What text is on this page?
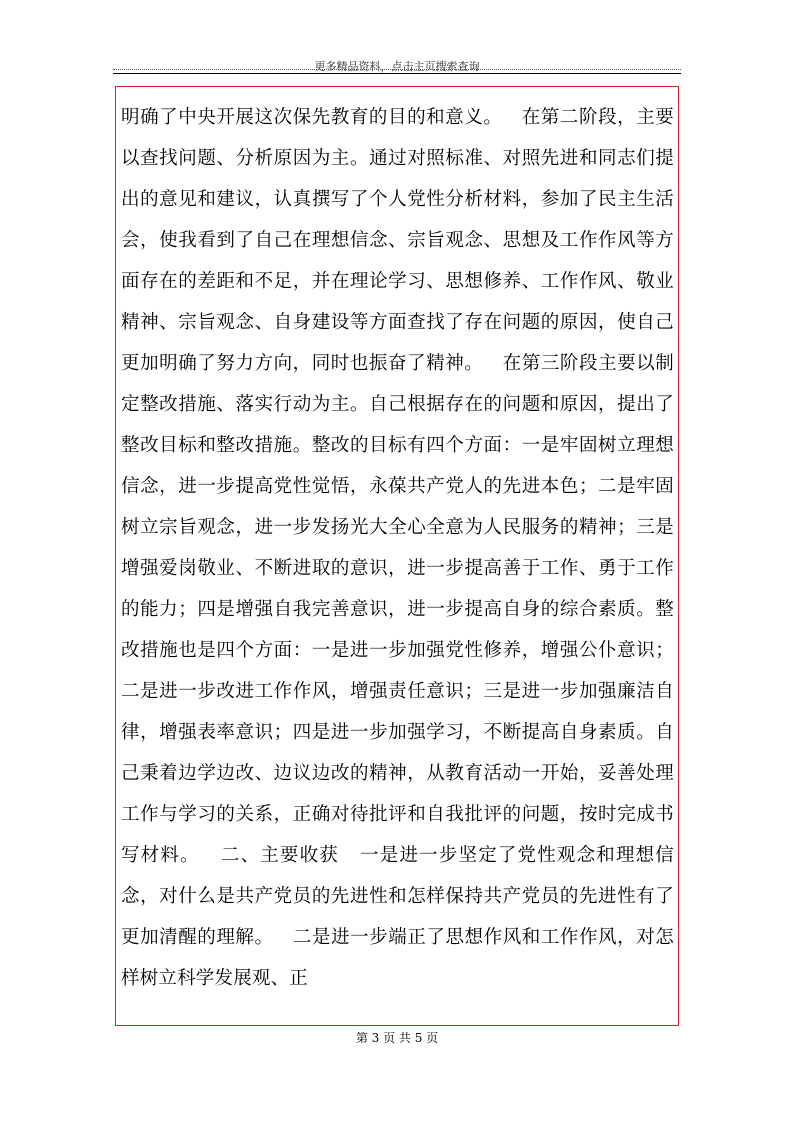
更多精品资料，点击主页搜索查询

明确了中央开展这次保先教育的目的和意义。   在第二阶段，主要以查找问题、分析原因为主。通过对照标准、对照先进和同志们提出的意见和建议，认真撰写了个人党性分析材料，参加了民主生活会，使我看到了自己在理想信念、宗旨观念、思想及工作作风等方面存在的差距和不足，并在理论学习、思想修养、工作作风、敬业精神、宗旨观念、自身建设等方面查找了存在问题的原因，使自己更加明确了努力方向，同时也振奋了精神。   在第三阶段主要以制定整改措施、落实行动为主。自己根据存在的问题和原因，提出了整改目标和整改措施。整改的目标有四个方面：一是牢固树立理想信念，进一步提高党性觉悟，永葆共产党人的先进本色；二是牢固树立宗旨观念，进一步发扬光大全心全意为人民服务的精神；三是增强爱岗敬业、不断进取的意识，进一步提高善于工作、勇于工作的能力；四是增强自我完善意识，进一步提高自身的综合素质。整改措施也是四个方面：一是进一步加强党性修养，增强公仆意识；二是进一步改进工作作风，增强责任意识；三是进一步加强廉洁自律，增强表率意识；四是进一步加强学习，不断提高自身素质。自己秉着边学边改、边议边改的精神，从教育活动一开始，妥善处理工作与学习的关系，正确对待批评和自我批评的问题，按时完成书写材料。   二、主要收获   一是进一步坚定了党性观念和理想信念，对什么是共产党员的先进性和怎样保持共产党员的先进性有了更加清醒的理解。   二是进一步端正了思想作风和工作作风，对怎样树立科学发展观、正

第 3 页 共 5 页
